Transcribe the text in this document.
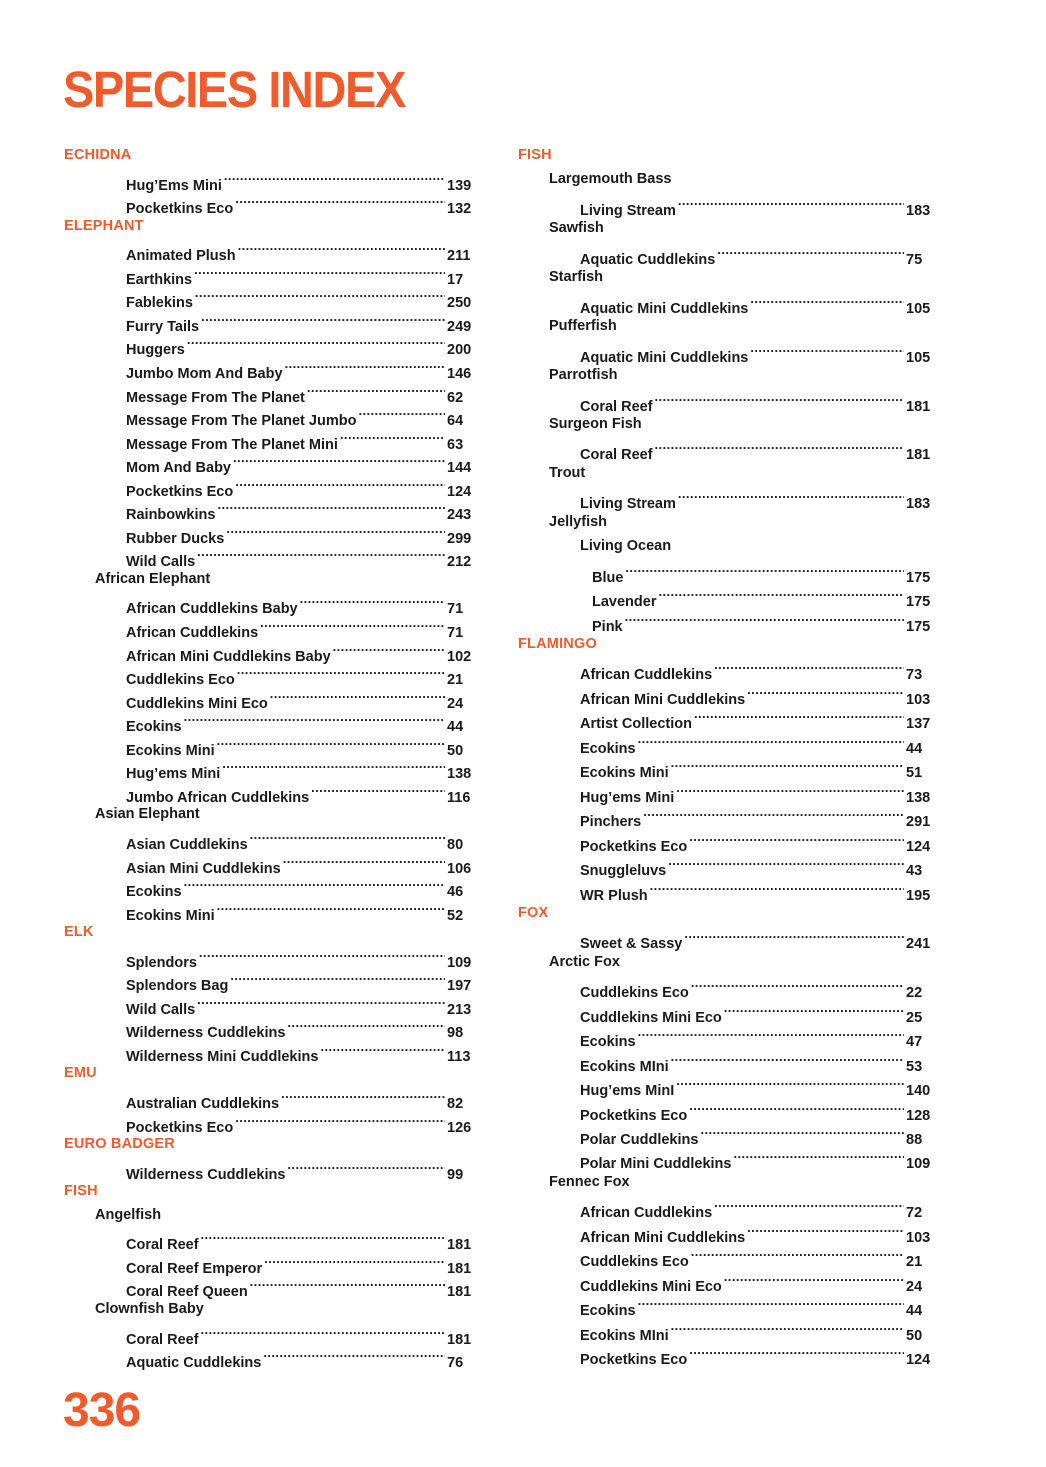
SPECIES INDEX
ECHIDNA
Hug’Ems Mini .....	139
Pocketkins Eco .....	132
ELEPHANT
Animated Plush .....	211
Earthkins .....	17
Fablekins .....	250
Furry Tails .....	249
Huggers .....	200
Jumbo Mom And Baby .....	146
Message From The Planet .....	62
Message From The Planet Jumbo .....	64
Message From The Planet Mini .....	63
Mom And Baby .....	144
Pocketkins Eco .....	124
Rainbowkins .....	243
Rubber Ducks .....	299
Wild Calls .....	212
African Elephant
African Cuddlekins Baby .....	71
African Cuddlekins .....	71
African Mini Cuddlekins Baby .....	102
Cuddlekins Eco .....	21
Cuddlekins Mini Eco .....	24
Ecokins .....	44
Ecokins Mini .....	50
Hug’ems Mini .....	138
Jumbo African Cuddlekins .....	116
Asian Elephant
Asian Cuddlekins .....	80
Asian Mini Cuddlekins .....	106
Ecokins .....	46
Ecokins Mini .....	52
ELK
Splendors .....	109
Splendors Bag .....	197
Wild Calls .....	213
Wilderness Cuddlekins .....	98
Wilderness Mini Cuddlekins .....	113
EMU
Australian Cuddlekins .....	82
Pocketkins Eco .....	126
EURO BADGER
Wilderness Cuddlekins .....	99
FISH
Angelfish
Coral Reef .....	181
Coral Reef Emperor .....	181
Coral Reef Queen .....	181
Clownfish Baby
Coral Reef .....	181
Aquatic Cuddlekins .....	76
FISH
Largemouth Bass
Living Stream .....	183
Sawfish
Aquatic Cuddlekins .....	75
Starfish
Aquatic Mini Cuddlekins .....	105
Pufferfish
Aquatic Mini Cuddlekins .....	105
Parrotfish
Coral Reef .....	181
Surgeon Fish
Coral Reef .....	181
Trout
Living Stream .....	183
Jellyfish
Living Ocean
Blue .....	175
Lavender .....	175
Pink .....	175
FLAMINGO
African Cuddlekins .....	73
African Mini Cuddlekins .....	103
Artist Collection .....	137
Ecokins .....	44
Ecokins Mini .....	51
Hug’ems Mini .....	138
Pinchers .....	291
Pocketkins Eco .....	124
Snuggleluvs .....	43
WR Plush .....	195
FOX
Sweet & Sassy .....	241
Arctic Fox
Cuddlekins Eco .....	22
Cuddlekins Mini Eco .....	25
Ecokins .....	47
Ecokins MIni .....	53
Hug’ems MinI .....	140
Pocketkins Eco .....	128
Polar Cuddlekins .....	88
Polar Mini Cuddlekins .....	109
Fennec Fox
African Cuddlekins .....	72
African Mini Cuddlekins .....	103
Cuddlekins Eco .....	21
Cuddlekins Mini Eco .....	24
Ecokins .....	44
Ecokins MIni .....	50
Pocketkins Eco .....	124
336
